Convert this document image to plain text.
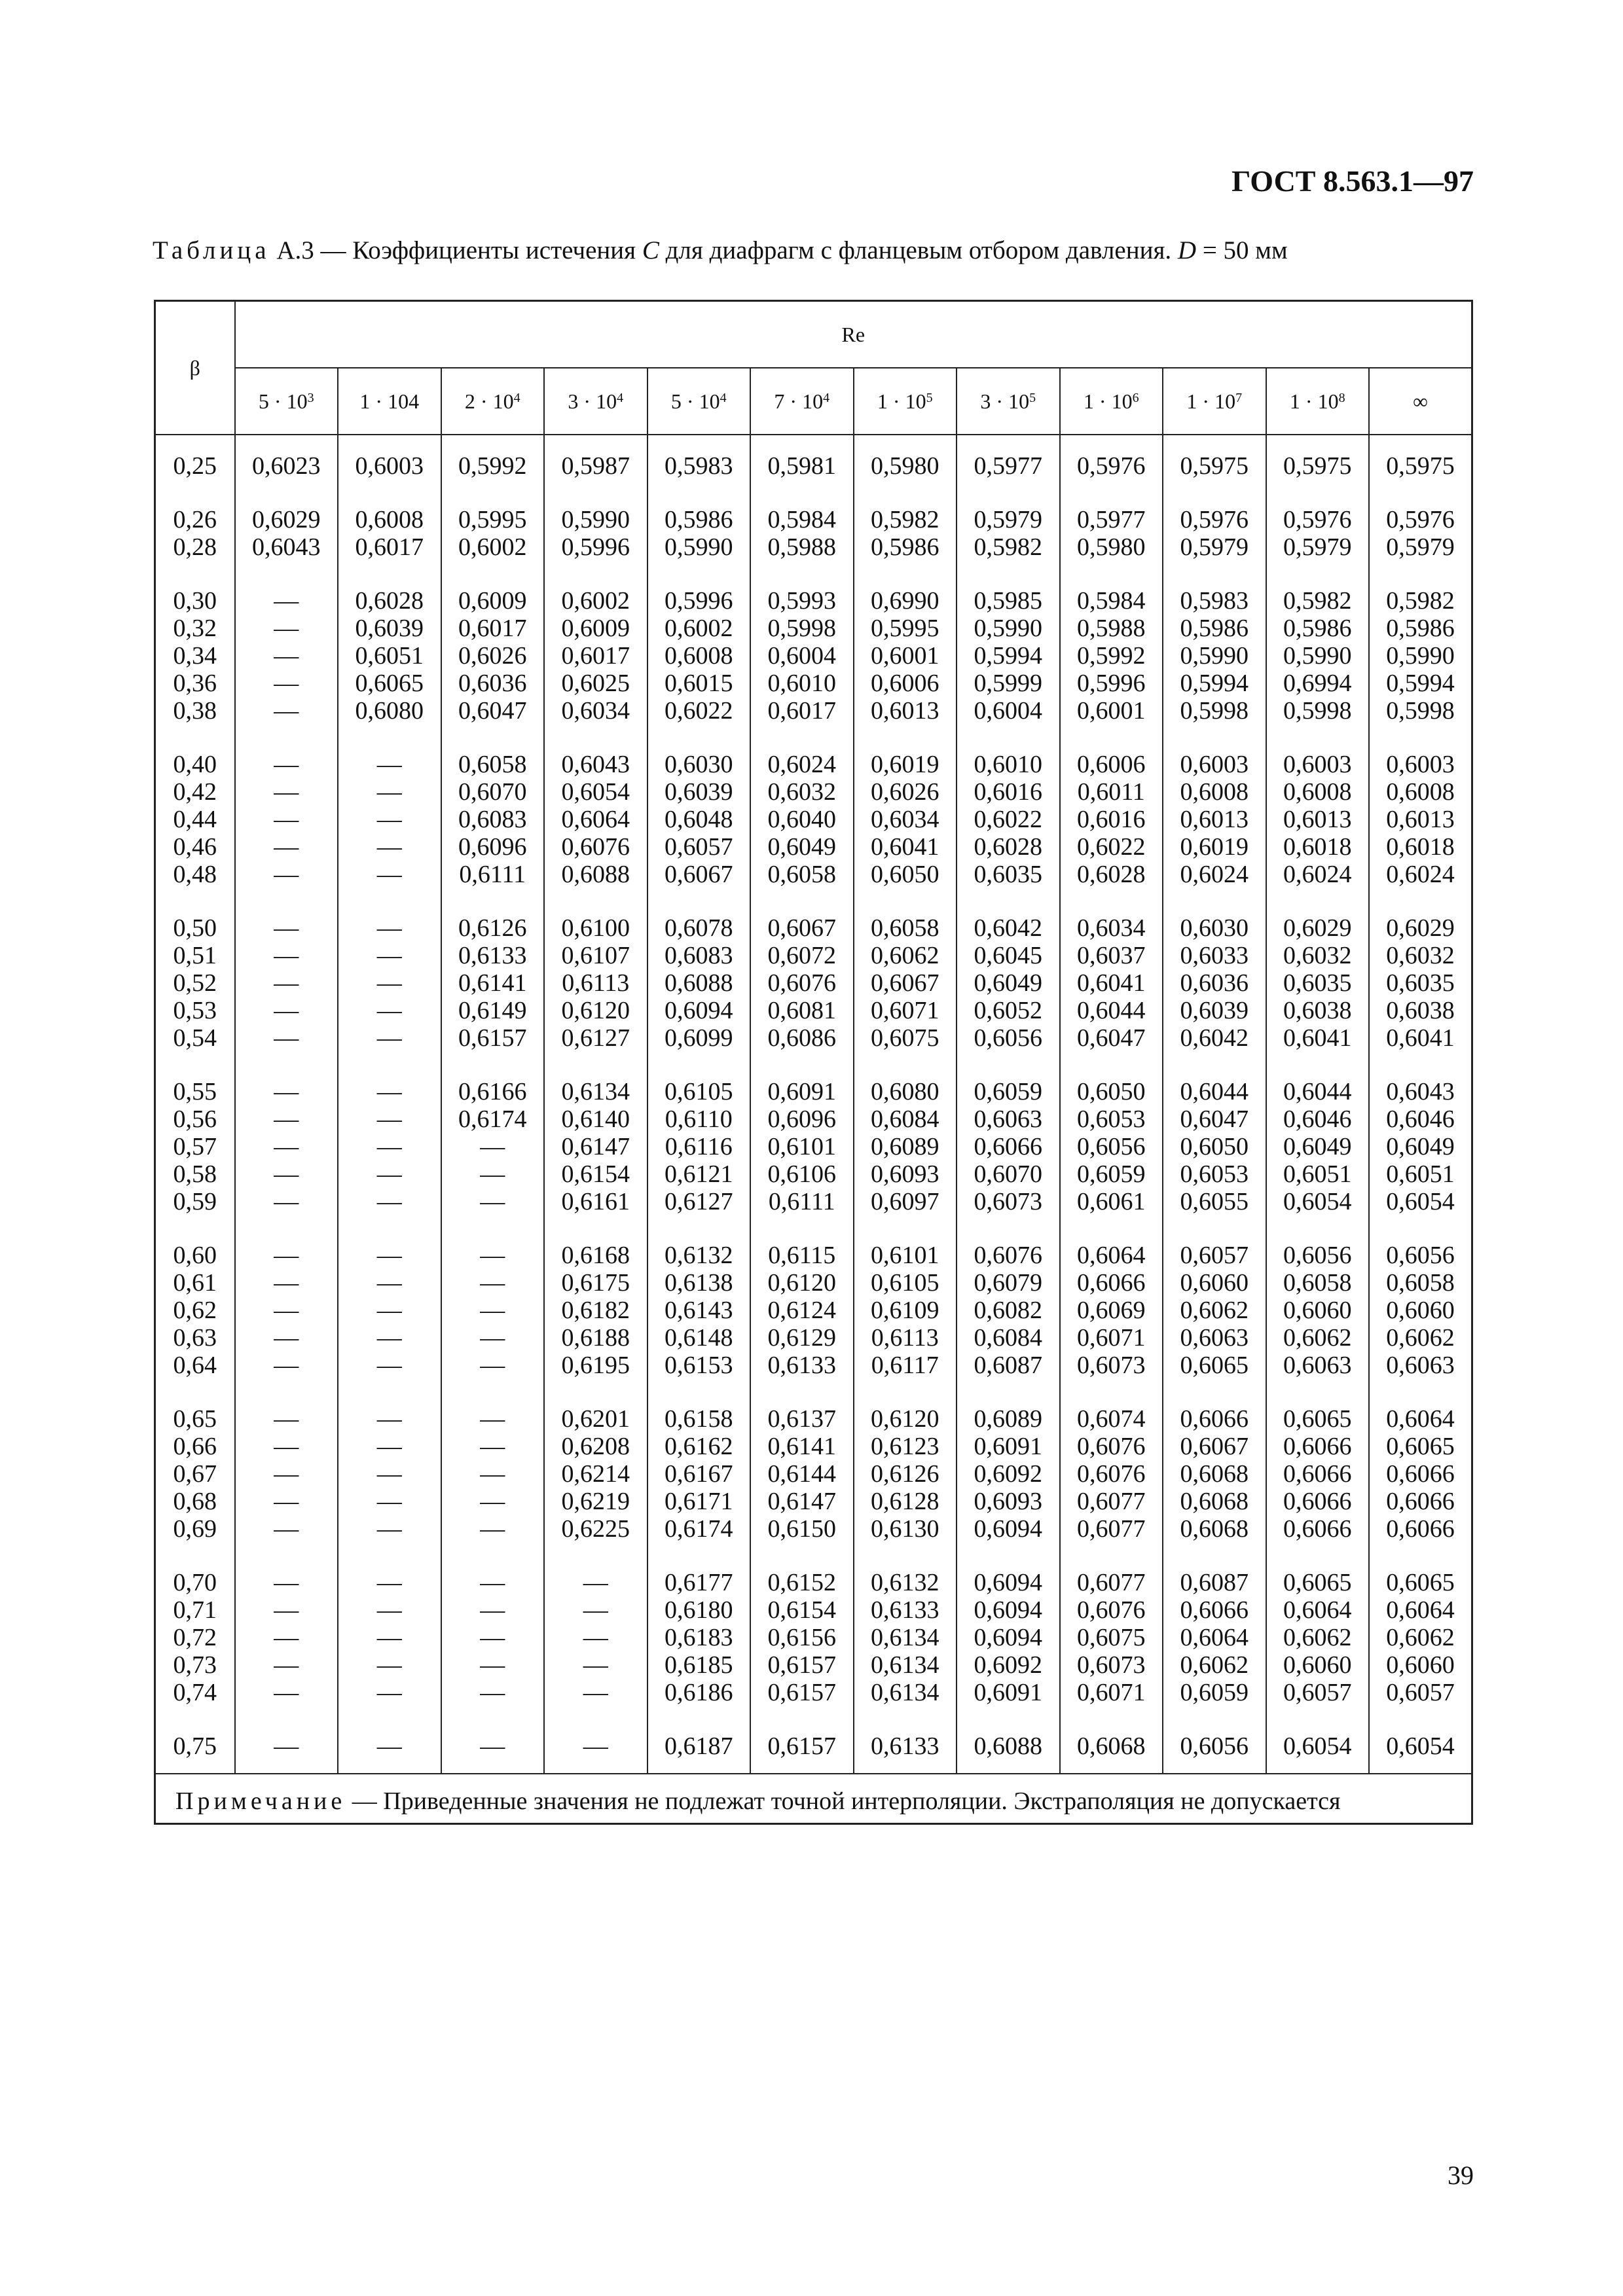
ГОСТ 8.563.1—97
Таблица А.3 — Коэффициенты истечения C для диафрагм с фланцевым отбором давления. D = 50 мм
β	Re											
	$5 \cdot 10^3$	1 · 104	$2 \cdot 10^4$	$3 \cdot 10^4$	$5 \cdot 10^4$	$7 \cdot 10^4$	$1 \cdot 10^5$	$3 \cdot 10^5$	$1 \cdot 10^6$	$1 \cdot 10^7$	$1 \cdot 10^8$	∞
0,25	0,6023	0,6003	0,5992	0,5987	0,5983	0,5981	0,5980	0,5977	0,5976	0,5975	0,5975	0,5975
0,26	0,6029	0,6008	0,5995	0,5990	0,5986	0,5984	0,5982	0,5979	0,5977	0,5976	0,5976	0,5976
0,28	0,6043	0,6017	0,6002	0,5996	0,5990	0,5988	0,5986	0,5982	0,5980	0,5979	0,5979	0,5979
0,30	—	0,6028	0,6009	0,6002	0,5996	0,5993	0,6990	0,5985	0,5984	0,5983	0,5982	0,5982
0,32	—	0,6039	0,6017	0,6009	0,6002	0,5998	0,5995	0,5990	0,5988	0,5986	0,5986	0,5986
0,34	—	0,6051	0,6026	0,6017	0,6008	0,6004	0,6001	0,5994	0,5992	0,5990	0,5990	0,5990
0,36	—	0,6065	0,6036	0,6025	0,6015	0,6010	0,6006	0,5999	0,5996	0,5994	0,6994	0,5994
0,38	—	0,6080	0,6047	0,6034	0,6022	0,6017	0,6013	0,6004	0,6001	0,5998	0,5998	0,5998
0,40	—	—	0,6058	0,6043	0,6030	0,6024	0,6019	0,6010	0,6006	0,6003	0,6003	0,6003
0,42	—	—	0,6070	0,6054	0,6039	0,6032	0,6026	0,6016	0,6011	0,6008	0,6008	0,6008
0,44	—	—	0,6083	0,6064	0,6048	0,6040	0,6034	0,6022	0,6016	0,6013	0,6013	0,6013
0,46	—	—	0,6096	0,6076	0,6057	0,6049	0,6041	0,6028	0,6022	0,6019	0,6018	0,6018
0,48	—	—	0,6111	0,6088	0,6067	0,6058	0,6050	0,6035	0,6028	0,6024	0,6024	0,6024
0,50	—	—	0,6126	0,6100	0,6078	0,6067	0,6058	0,6042	0,6034	0,6030	0,6029	0,6029
0,51	—	—	0,6133	0,6107	0,6083	0,6072	0,6062	0,6045	0,6037	0,6033	0,6032	0,6032
0,52	—	—	0,6141	0,6113	0,6088	0,6076	0,6067	0,6049	0,6041	0,6036	0,6035	0,6035
0,53	—	—	0,6149	0,6120	0,6094	0,6081	0,6071	0,6052	0,6044	0,6039	0,6038	0,6038
0,54	—	—	0,6157	0,6127	0,6099	0,6086	0,6075	0,6056	0,6047	0,6042	0,6041	0,6041
0,55	—	—	0,6166	0,6134	0,6105	0,6091	0,6080	0,6059	0,6050	0,6044	0,6044	0,6043
0,56	—	—	0,6174	0,6140	0,6110	0,6096	0,6084	0,6063	0,6053	0,6047	0,6046	0,6046
0,57	—	—	—	0,6147	0,6116	0,6101	0,6089	0,6066	0,6056	0,6050	0,6049	0,6049
0,58	—	—	—	0,6154	0,6121	0,6106	0,6093	0,6070	0,6059	0,6053	0,6051	0,6051
0,59	—	—	—	0,6161	0,6127	0,6111	0,6097	0,6073	0,6061	0,6055	0,6054	0,6054
0,60	—	—	—	0,6168	0,6132	0,6115	0,6101	0,6076	0,6064	0,6057	0,6056	0,6056
0,61	—	—	—	0,6175	0,6138	0,6120	0,6105	0,6079	0,6066	0,6060	0,6058	0,6058
0,62	—	—	—	0,6182	0,6143	0,6124	0,6109	0,6082	0,6069	0,6062	0,6060	0,6060
0,63	—	—	—	0,6188	0,6148	0,6129	0,6113	0,6084	0,6071	0,6063	0,6062	0,6062
0,64	—	—	—	0,6195	0,6153	0,6133	0,6117	0,6087	0,6073	0,6065	0,6063	0,6063
0,65	—	—	—	0,6201	0,6158	0,6137	0,6120	0,6089	0,6074	0,6066	0,6065	0,6064
0,66	—	—	—	0,6208	0,6162	0,6141	0,6123	0,6091	0,6076	0,6067	0,6066	0,6065
0,67	—	—	—	0,6214	0,6167	0,6144	0,6126	0,6092	0,6076	0,6068	0,6066	0,6066
0,68	—	—	—	0,6219	0,6171	0,6147	0,6128	0,6093	0,6077	0,6068	0,6066	0,6066
0,69	—	—	—	0,6225	0,6174	0,6150	0,6130	0,6094	0,6077	0,6068	0,6066	0,6066
0,70	—	—	—	—	0,6177	0,6152	0,6132	0,6094	0,6077	0,6087	0,6065	0,6065
0,71	—	—	—	—	0,6180	0,6154	0,6133	0,6094	0,6076	0,6066	0,6064	0,6064
0,72	—	—	—	—	0,6183	0,6156	0,6134	0,6094	0,6075	0,6064	0,6062	0,6062
0,73	—	—	—	—	0,6185	0,6157	0,6134	0,6092	0,6073	0,6062	0,6060	0,6060
0,74	—	—	—	—	0,6186	0,6157	0,6134	0,6091	0,6071	0,6059	0,6057	0,6057
0,75	—	—	—	—	0,6187	0,6157	0,6133	0,6088	0,6068	0,6056	0,6054	0,6054
Примечание — Приведенные значения не подлежат точной интерполяции. Экстраполяция не допускается												
39
